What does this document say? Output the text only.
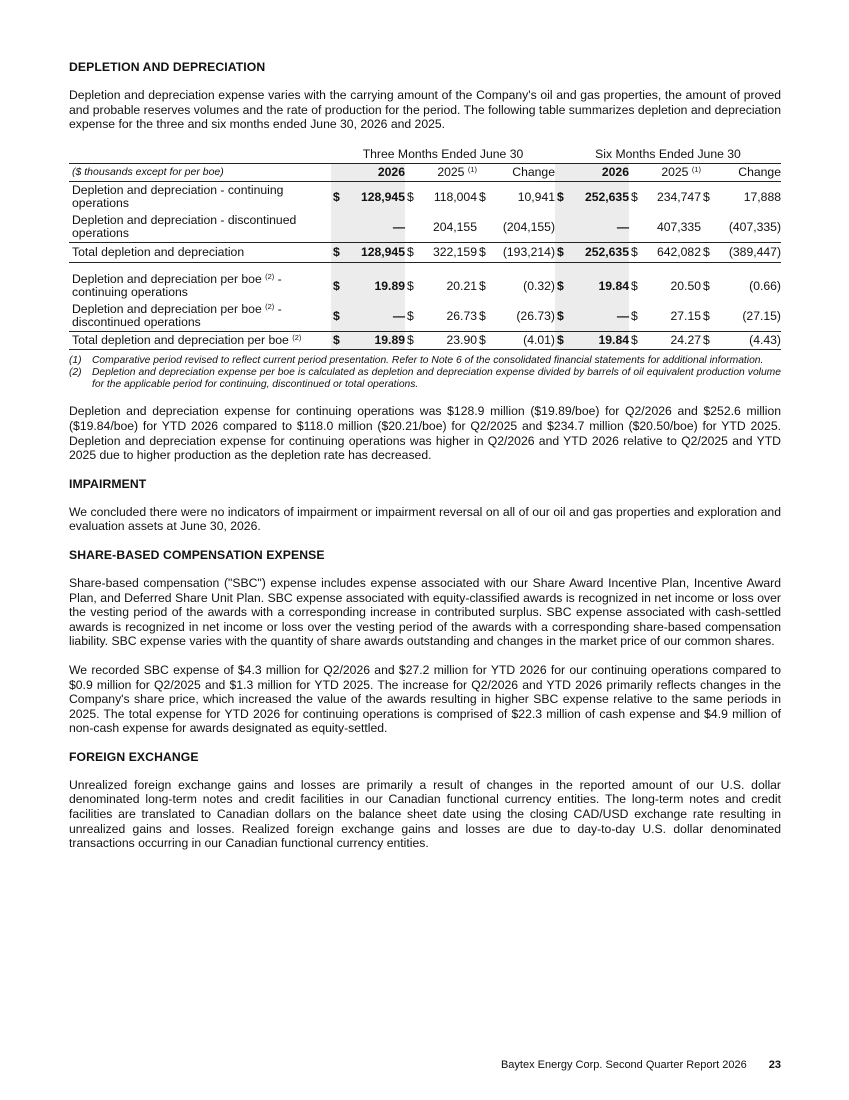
DEPLETION AND DEPRECIATION

Depletion and depreciation expense varies with the carrying amount of the Company's oil and gas properties, the amount of proved and probable reserves volumes and the rate of production for the period. The following table summarizes depletion and depreciation expense for the three and six months ended June 30, 2026 and 2025.

	Three Months Ended June 30						Six Months Ended June 30					
($ thousands except for per boe)		2026	2025 $^{(1)}$		Change			2026	2025 $^{(1)}$		Change	
Depletion and depreciation - continuing operations	$	128,945	$	118,004	$	10,941	$	252,635	$	234,747	$	17,888
Depletion and depreciation - discontinued operations		—		204,155		(204,155)		—		407,335		(407,335)
Total depletion and depreciation	$	128,945	$	322,159	$	(193,214)	$	252,635	$	642,082	$	(389,447)

Depletion and depreciation per boe $^{(2)}$ - continuing operations	$	19.89	$	20.21	$	(0.32)	$	19.84	$	20.50	$	(0.66)
Depletion and depreciation per boe $^{(2)}$ - discontinued operations	$	—	$	26.73	$	(26.73)	$	—	$	27.15	$	(27.15)
Total depletion and depreciation per boe $^{(2)}$	$	19.89	$	23.90	$	(4.01)	$	19.84	$	24.27	$	(4.43)
(1)	Comparative period revised to reflect current period presentation. Refer to Note 6 of the consolidated financial statements for additional information.
(2)	Depletion and depreciation expense per boe is calculated as depletion and depreciation expense divided by barrels of oil equivalent production volume for the applicable period for continuing, discontinued or total operations.

Depletion and depreciation expense for continuing operations was $128.9 million ($19.89/boe) for Q2/2026 and $252.6 million ($19.84/boe) for YTD 2026 compared to $118.0 million ($20.21/boe) for Q2/2025 and $234.7 million ($20.50/boe) for YTD 2025. Depletion and depreciation expense for continuing operations was higher in Q2/2026 and YTD 2026 relative to Q2/2025 and YTD 2025 due to higher production as the depletion rate has decreased.

IMPAIRMENT

We concluded there were no indicators of impairment or impairment reversal on all of our oil and gas properties and exploration and evaluation assets at June 30, 2026.

SHARE-BASED COMPENSATION EXPENSE

Share-based compensation ("SBC") expense includes expense associated with our Share Award Incentive Plan, Incentive Award Plan, and Deferred Share Unit Plan. SBC expense associated with equity-classified awards is recognized in net income or loss over the vesting period of the awards with a corresponding increase in contributed surplus. SBC expense associated with cash-settled awards is recognized in net income or loss over the vesting period of the awards with a corresponding share-based compensation liability. SBC expense varies with the quantity of share awards outstanding and changes in the market price of our common shares.

We recorded SBC expense of $4.3 million for Q2/2026 and $27.2 million for YTD 2026 for our continuing operations compared to $0.9 million for Q2/2025 and $1.3 million for YTD 2025. The increase for Q2/2026 and YTD 2026 primarily reflects changes in the Company's share price, which increased the value of the awards resulting in higher SBC expense relative to the same periods in 2025. The total expense for YTD 2026 for continuing operations is comprised of $22.3 million of cash expense and $4.9 million of non-cash expense for awards designated as equity-settled.

FOREIGN EXCHANGE

Unrealized foreign exchange gains and losses are primarily a result of changes in the reported amount of our U.S. dollar denominated long-term notes and credit facilities in our Canadian functional currency entities. The long-term notes and credit facilities are translated to Canadian dollars on the balance sheet date using the closing CAD/USD exchange rate resulting in unrealized gains and losses. Realized foreign exchange gains and losses are due to day-to-day U.S. dollar denominated transactions occurring in our Canadian functional currency entities.

Baytex Energy Corp. Second Quarter Report 2026 23
